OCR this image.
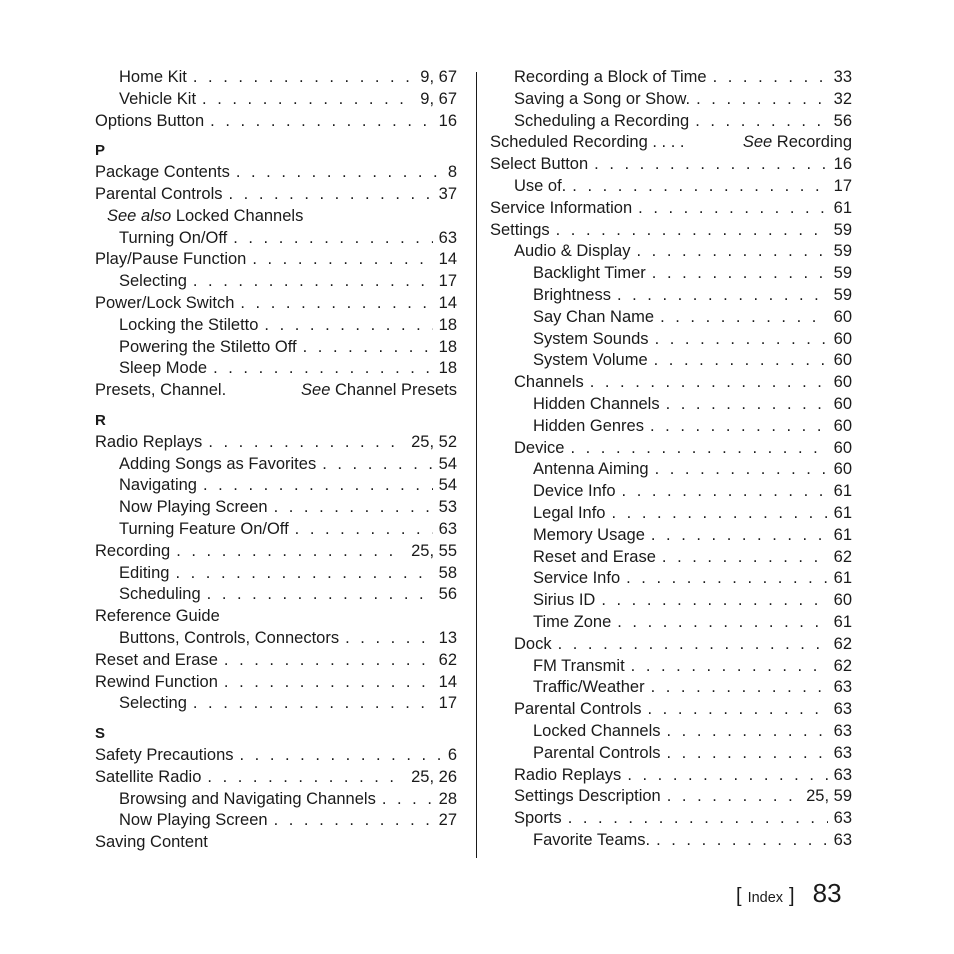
Home Kit . . .	9, 67
Vehicle Kit . . .	9, 67
Options Button . . .	16
P
Package Contents . . .	8
Parental Controls . . .	37
See also
Locked Channels
Turning On/Off . . .	63
Play/Pause Function . . .	14
Selecting . . .	17
Power/Lock Switch . . .	14
Locking the Stiletto . . .	18
Powering the Stiletto Off . . .	18
Sleep Mode . . .	18
Presets, Channel.	See Channel Presets
R
Radio Replays . . .	25, 52
Adding Songs as Favorites . . .	54
Navigating . . .	54
Now Playing Screen . . .	53
Turning Feature On/Off . . .	63
Recording . . .	25, 55
Editing . . .	58
Scheduling . . .	56
Reference Guide
Buttons, Controls, Connectors . . .	13
Reset and Erase . . .	62
Rewind Function . . .	14
Selecting . . .	17
S
Safety Precautions . . .	6
Satellite Radio . . .	25, 26
Browsing and Navigating Channels . . .	28
Now Playing Screen . . .	27
Saving Content
Recording a Block of Time . . .	33
Saving a Song or Show. . . .	32
Scheduling a Recording . . .	56
Scheduled Recording . . . .	See Recording
Select Button . . .	16
Use of. . . .	17
Service Information . . .	61
Settings . . .	59
Audio & Display . . .	59
Backlight Timer . . .	59
Brightness . . .	59
Say Chan Name . . .	60
System Sounds . . .	60
System Volume . . .	60
Channels . . .	60
Hidden Channels . . .	60
Hidden Genres . . .	60
Device . . .	60
Antenna Aiming . . .	60
Device Info . . .	61
Legal Info . . .	61
Memory Usage . . .	61
Reset and Erase . . .	62
Service Info . . .	61
Sirius ID . . .	60
Time Zone . . .	61
Dock . . .	62
FM Transmit . . .	62
Traffic/Weather . . .	63
Parental Controls . . .	63
Locked Channels . . .	63
Parental Controls . . .	63
Radio Replays . . .	63
Settings Description . . .	25, 59
Sports . . .	63
Favorite Teams. . . .	63
[ Index ] 83
